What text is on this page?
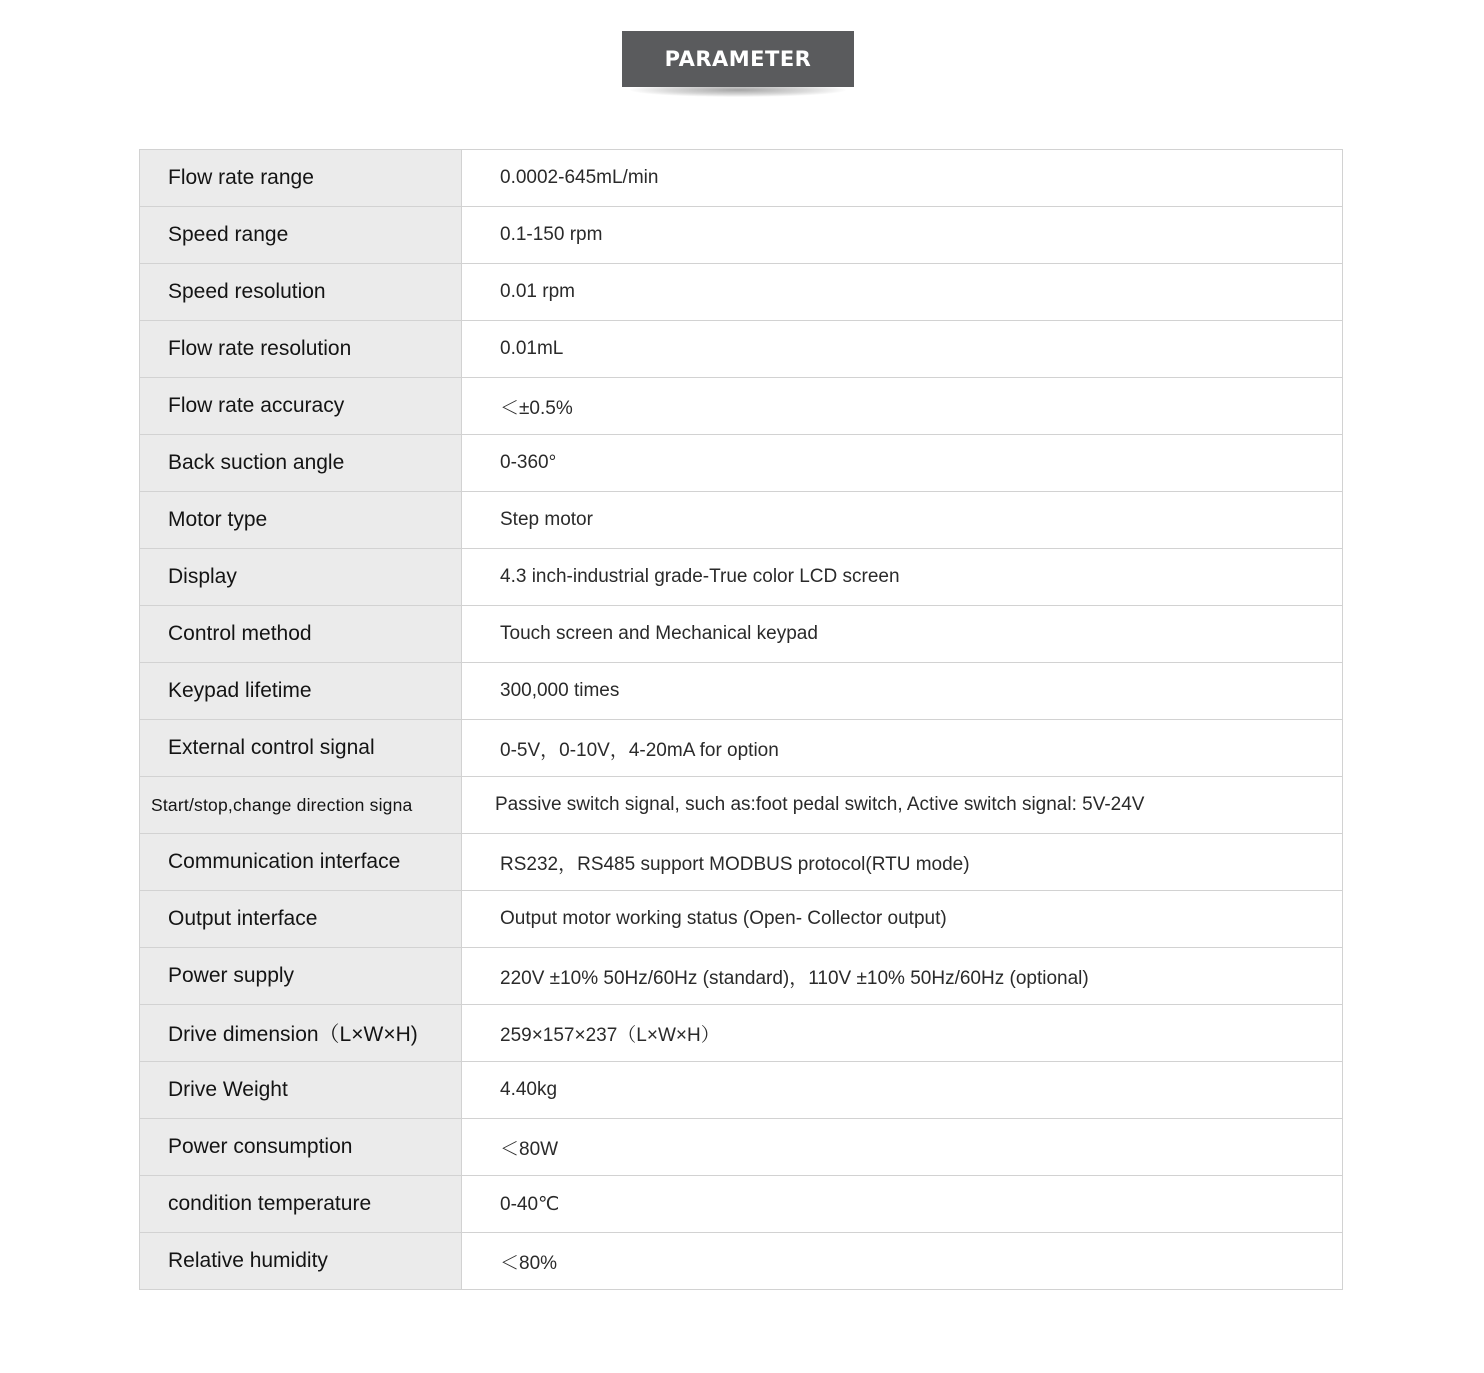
PARAMETER
Flow rate range	0.0002-645mL/min
Speed range	0.1-150 rpm
Speed resolution	0.01 rpm
Flow rate resolution	0.01mL
Flow rate accuracy	＜±0.5%
Back suction angle	0-360°
Motor type	Step motor
Display	4.3 inch-industrial grade-True color LCD screen
Control method	Touch screen and Mechanical keypad
Keypad lifetime	300,000 times
External control signal	0-5V，0-10V，4-20mA for option
Start/stop,change direction signa	Passive switch signal, such as:foot pedal switch, Active switch signal: 5V-24V
Communication interface	RS232，RS485 support MODBUS protocol(RTU mode)
Output interface	Output motor working status (Open- Collector output)
Power supply	220V ±10% 50Hz/60Hz (standard)，110V ±10% 50Hz/60Hz (optional)
Drive dimension（L×W×H)	259×157×237（L×W×H）
Drive Weight	4.40kg
Power consumption	＜80W
condition temperature	0-40℃
Relative humidity	＜80%
